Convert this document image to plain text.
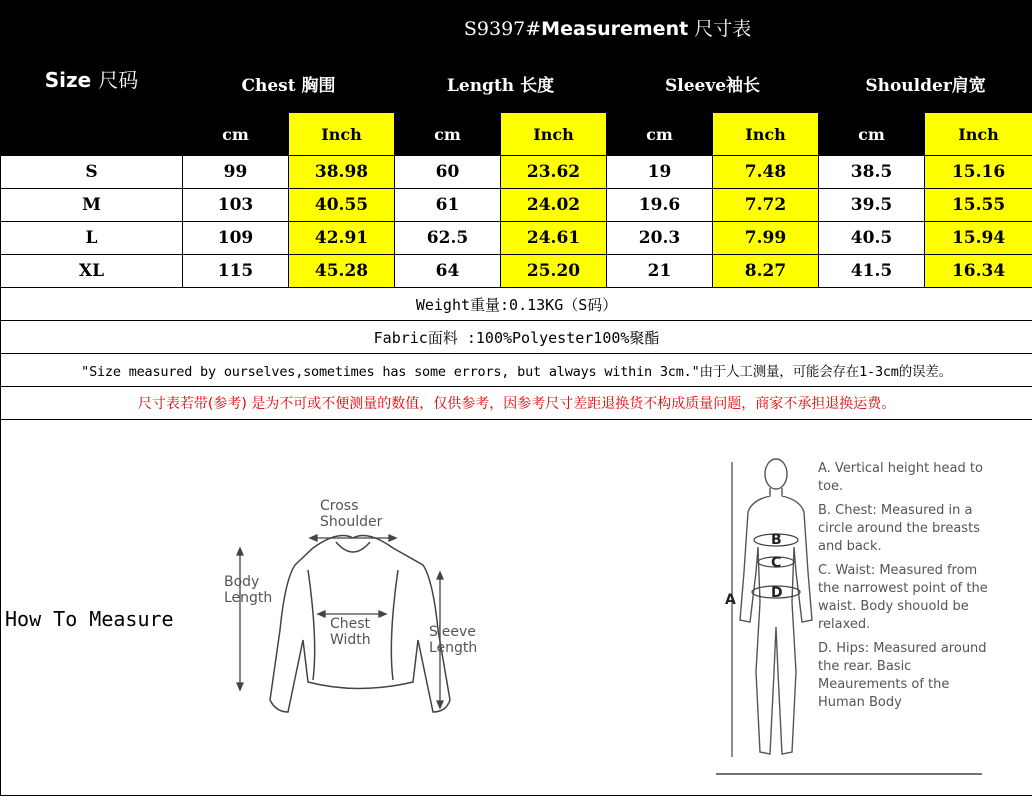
Size 尺码	S9397#Measurement 尺寸表							
	Chest 胸围		Length 长度		Sleeve袖长		Shoulder肩宽	
	cm	Inch	cm	Inch	cm	Inch	cm	Inch
S	99	38.98	60	23.62	19	7.48	38.5	15.16
M	103	40.55	61	24.02	19.6	7.72	39.5	15.55
L	109	42.91	62.5	24.61	20.3	7.99	40.5	15.94
XL	115	45.28	64	25.20	21	8.27	41.5	16.34
Weight重量:0.13KG（S码）								
Fabric面料 :100%Polyester100%聚酯								
"Size measured by ourselves,sometimes has some errors, but always within 3cm."由于人工测量，可能会存在1-3cm的误差。								
尺寸表若带(参考) 是为不可或不便测量的数值，仅供参考，因参考尺寸差距退换货不构成质量问题，商家不承担退换运费。								

How To Measure
Cross
Shoulder
Body
Length
Chest
Width	Sleeve
Length
A
B
C
D
A. Vertical height head to toe.
B. Chest: Measured in a circle around the breasts and back.
C. Waist: Measured from the narrowest point of the waist. Body shouold be relaxed.
D. Hips: Measured around the rear. Basic Meaurements of the Human Body
